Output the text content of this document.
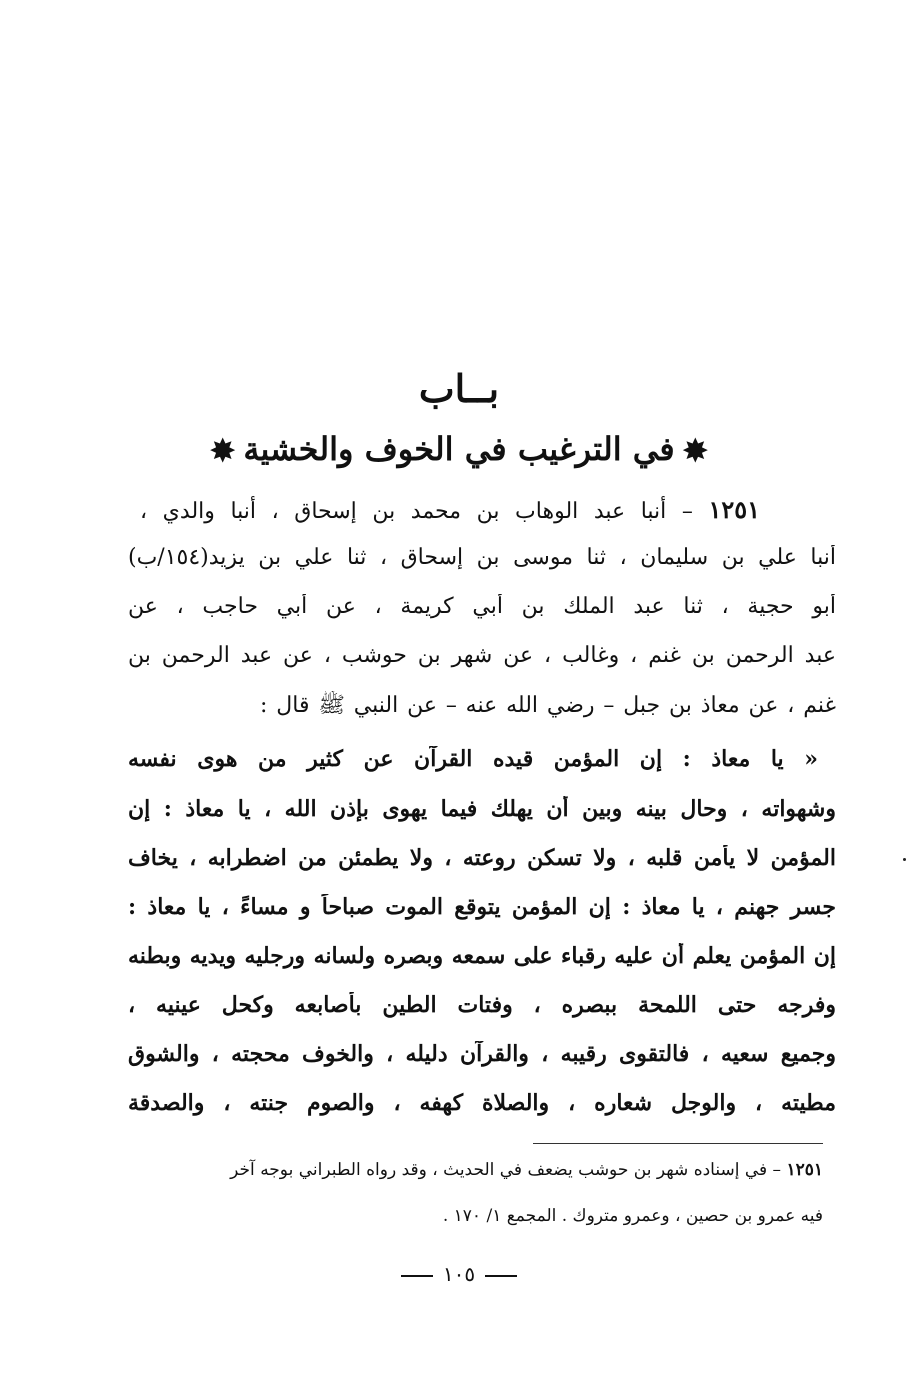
بــاب
✸في الترغيب في الخوف والخشية✸
١٢٥١ – أنبا عبد الوهاب بن محمد بن إسحاق ، أنبا والدي ،
أنبا علي بن سليمان ، ثنا موسى بن إسحاق ، ثنا علي بن يزيد(١٥٤/ب)
أبو حجية ، ثنا عبد الملك بن أبي كريمة ، عن أبي حاجب ، عن
عبد الرحمن بن غنم ، وغالب ، عن شهر بن حوشب ، عن عبد الرحمن بن
غنم ، عن معاذ بن جبل – رضي الله عنه – عن النبي ﷺ قال :
« يا معاذ : إن المؤمن قيده القرآن عن كثير من هوى نفسه
وشهواته ، وحال بينه وبين أن يهلك فيما يهوى بإذن الله ، يا معاذ : إن
المؤمن لا يأمن قلبه ، ولا تسكن روعته ، ولا يطمئن من اضطرابه ، يخاف
جسر جهنم ، يا معاذ : إن المؤمن يتوقع الموت صباحاً و مساءً ، يا معاذ :
إن المؤمن يعلم أن عليه رقباء على سمعه وبصره ولسانه ورجليه ويديه وبطنه
وفرجه حتى اللمحة ببصره ، وفتات الطين بأصابعه وكحل عينيه ،
وجميع سعيه ، فالتقوى رقيبه ، والقرآن دليله ، والخوف محجته ، والشوق
مطيته ، والوجل شعاره ، والصلاة كهفه ، والصوم جنته ، والصدقة
١٢٥١ – في إسناده شهر بن حوشب يضعف في الحديث ، وقد رواه الطبراني بوجه آخر
فيه عمرو بن حصين ، وعمرو متروك . المجمع ١/ ١٧٠ .
١٠٥
